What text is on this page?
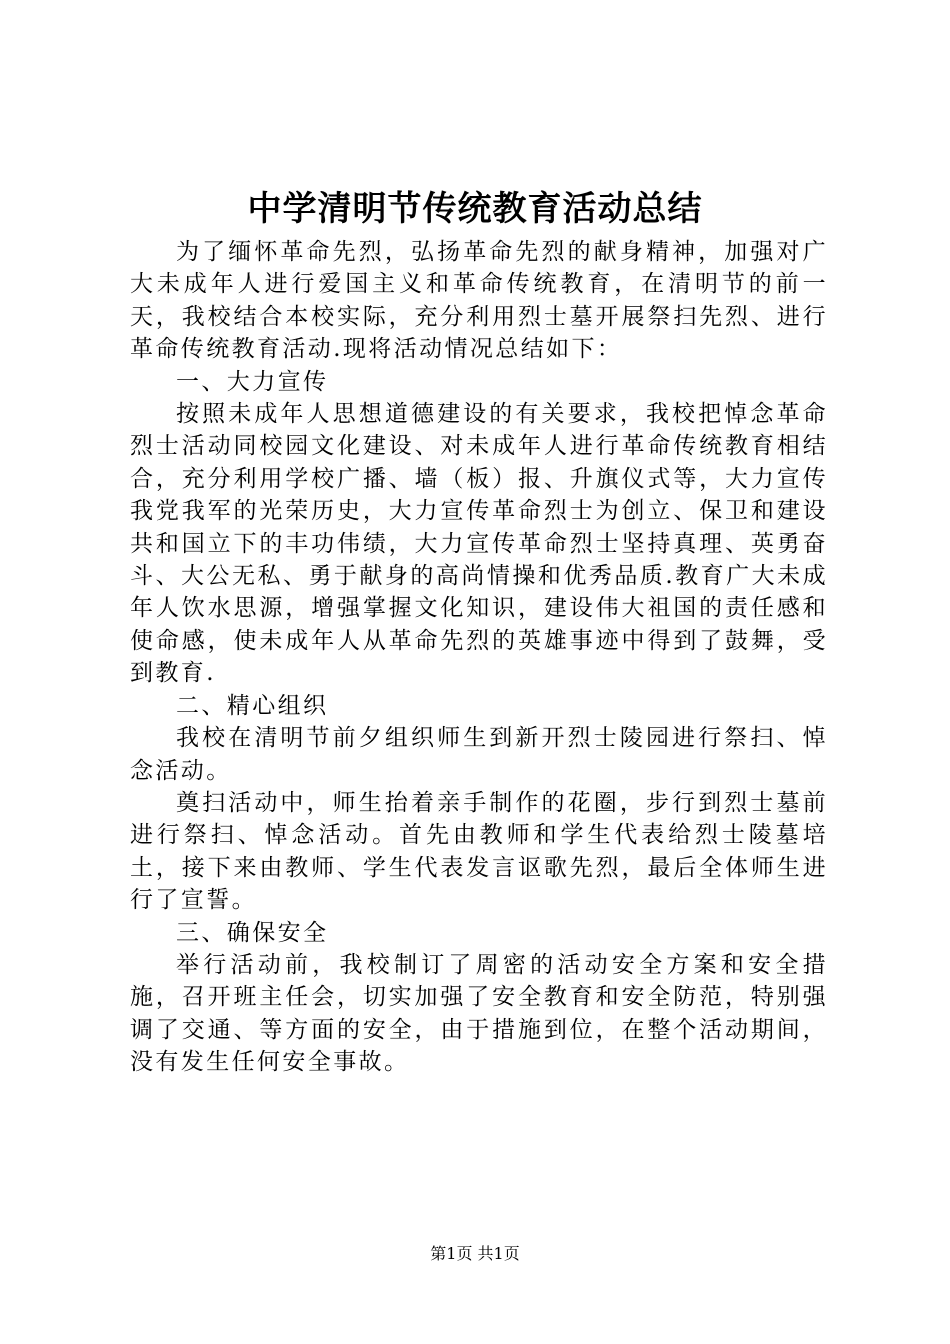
中学清明节传统教育活动总结

为了缅怀革命先烈，弘扬革命先烈的献身精神，加强对广大未成年人进行爱国主义和革命传统教育，在清明节的前一天，我校结合本校实际，充分利用烈士墓开展祭扫先烈、进行革命传统教育活动.现将活动情况总结如下：

一、大力宣传

按照未成年人思想道德建设的有关要求，我校把悼念革命烈士活动同校园文化建设、对未成年人进行革命传统教育相结合，充分利用学校广播、墙（板）报、升旗仪式等，大力宣传我党我军的光荣历史，大力宣传革命烈士为创立、保卫和建设共和国立下的丰功伟绩，大力宣传革命烈士坚持真理、英勇奋斗、大公无私、勇于献身的高尚情操和优秀品质.教育广大未成年人饮水思源，增强掌握文化知识，建设伟大祖国的责任感和使命感，使未成年人从革命先烈的英雄事迹中得到了鼓舞，受到教育.

二、精心组织

我校在清明节前夕组织师生到新开烈士陵园进行祭扫、悼念活动。

奠扫活动中，师生抬着亲手制作的花圈，步行到烈士墓前进行祭扫、悼念活动。首先由教师和学生代表给烈士陵墓培土，接下来由教师、学生代表发言讴歌先烈，最后全体师生进行了宣誓。

三、确保安全

举行活动前，我校制订了周密的活动安全方案和安全措施，召开班主任会，切实加强了安全教育和安全防范，特别强调了交通、等方面的安全，由于措施到位，在整个活动期间，没有发生任何安全事故。

第1页 共1页
